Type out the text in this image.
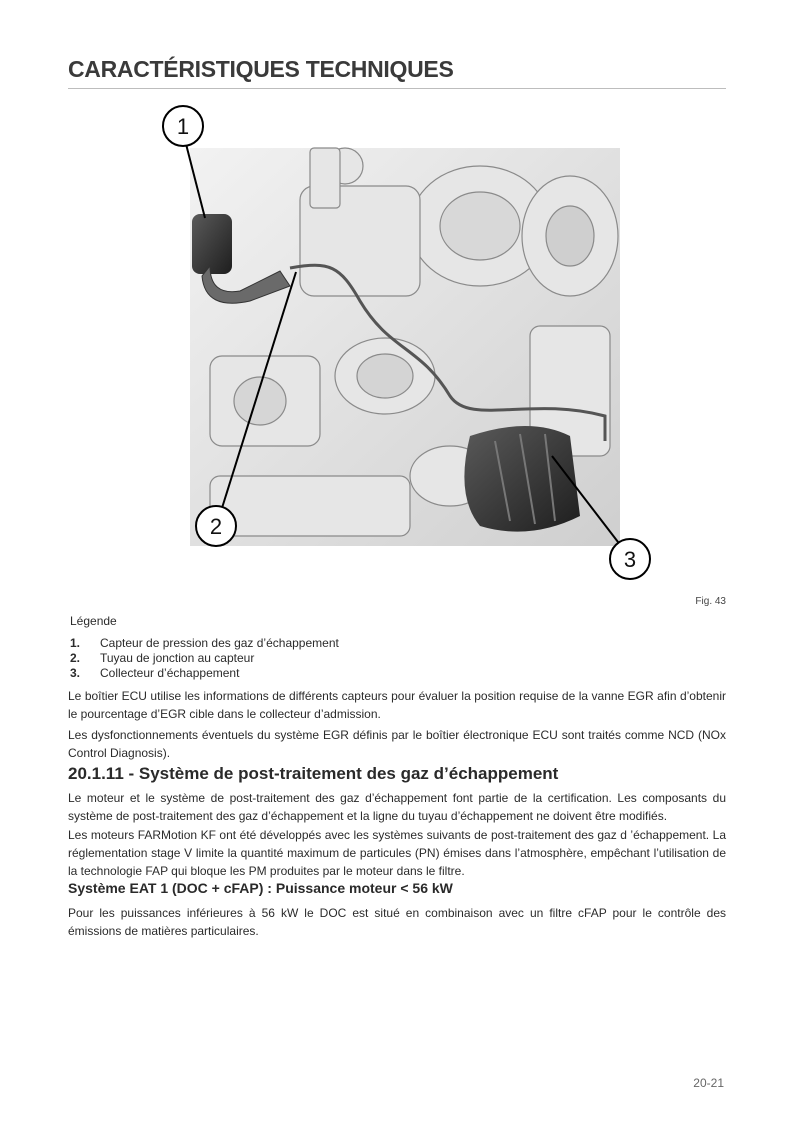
CARACTÉRISTIQUES TECHNIQUES
1
2
3
Fig. 43
Légende
1. Capteur de pression des gaz d’échappement
2. Tuyau de jonction au capteur
3. Collecteur d’échappement

Le boîtier ECU utilise les informations de différents capteurs pour évaluer la position requise de la vanne EGR afin d’obtenir le pourcentage d’EGR cible dans le collecteur d’admission.

Les dysfonctionnements éventuels du système EGR définis par le boîtier électronique ECU sont traités comme NCD (NOx Control Diagnosis).

20.1.11 - Système de post-traitement des gaz d’échappement

Le moteur et le système de post-traitement des gaz d’échappement font partie de la certification. Les composants du système de post-traitement des gaz d’échappement et la ligne du tuyau d’échappement ne doivent être modifiés.

Les moteurs FARMotion KF ont été développés avec les systèmes suivants de post-traitement des gaz d ’échappement. La réglementation stage V limite la quantité maximum de particules (PN) émises dans l’atmosphère, empêchant l’utilisation de la technologie FAP qui bloque les PM produites par le moteur dans le filtre.

Système EAT 1 (DOC + cFAP) : Puissance moteur < 56 kW

Pour les puissances inférieures à 56 kW le DOC est situé en combinaison avec un filtre cFAP pour le contrôle des émissions de matières particulaires.

20-21
